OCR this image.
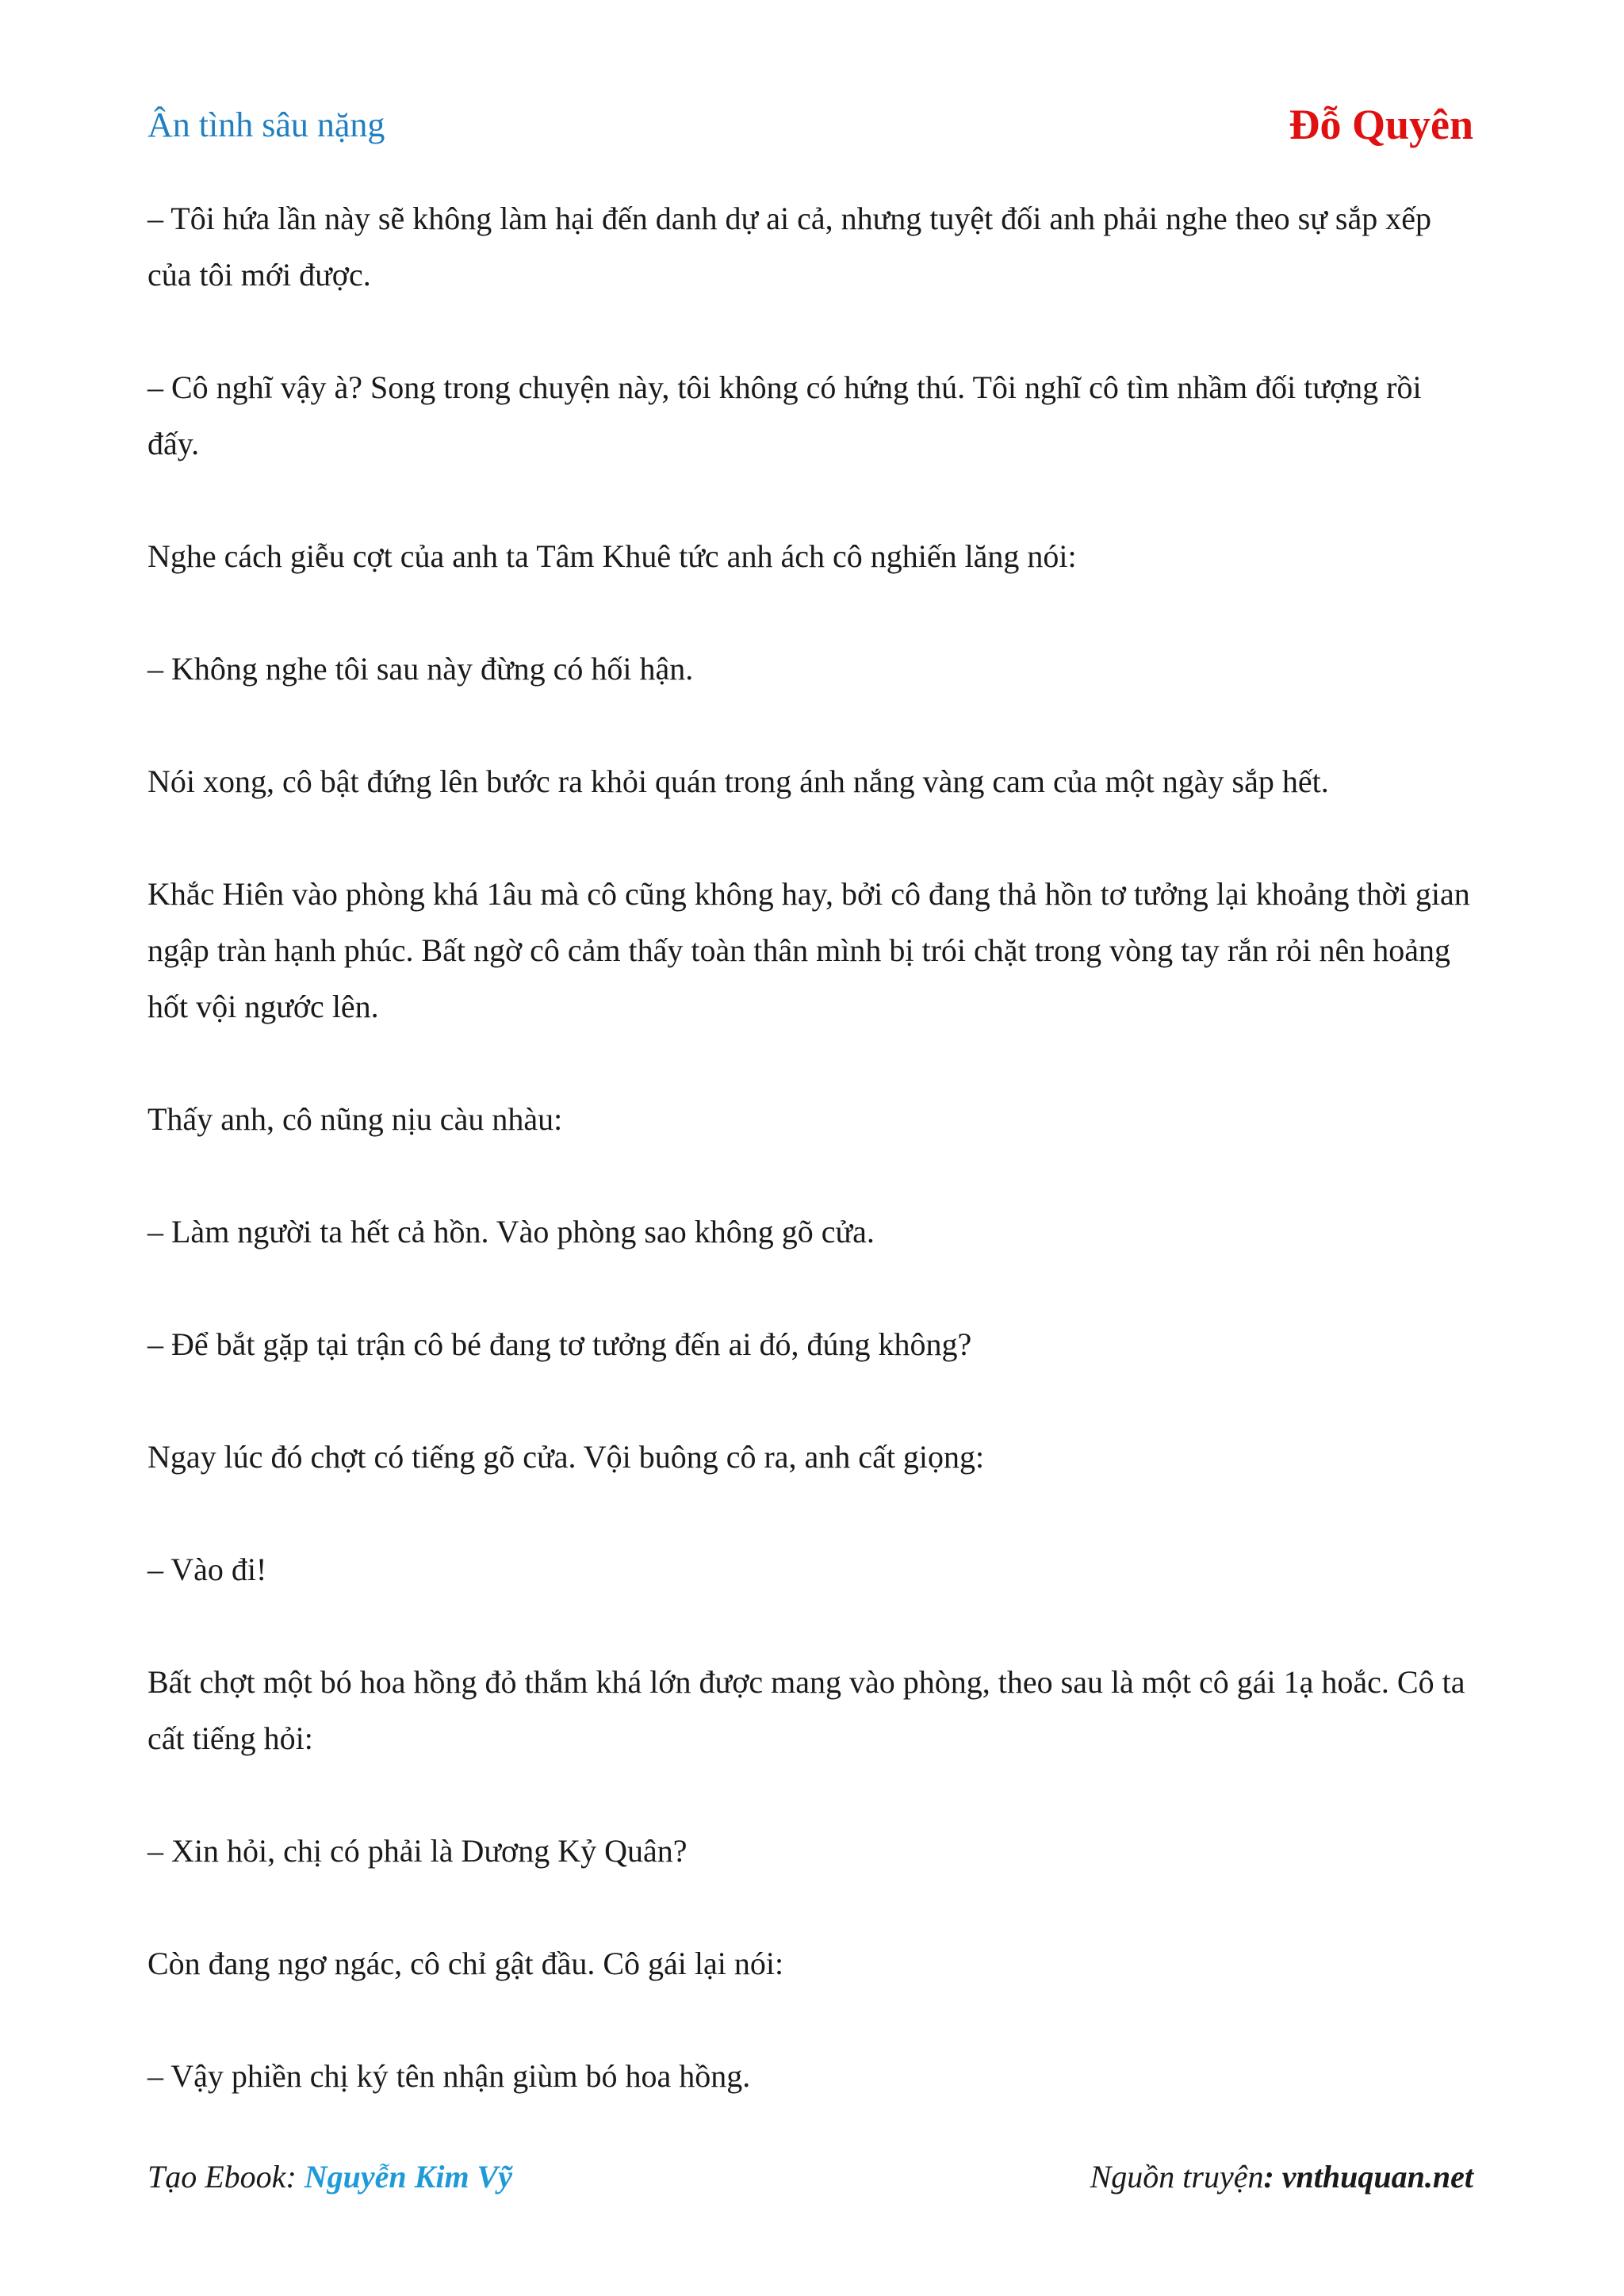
Ân tình sâu nặng	Đỗ Quyên

– Tôi hứa lần này sẽ không làm hại đến danh dự ai cả, nhưng tuyệt đối anh phải nghe theo sự sắp xếp của tôi mới được.

– Cô nghĩ vậy à? Song trong chuyện này, tôi không có hứng thú. Tôi nghĩ cô tìm nhầm đối tượng rồi đấy.

Nghe cách giễu cợt của anh ta Tâm Khuê tức anh ách cô nghiến lăng nói:

– Không nghe tôi sau này đừng có hối hận.

Nói xong, cô bật đứng lên bước ra khỏi quán trong ánh nắng vàng cam của một ngày sắp hết.

Khắc Hiên vào phòng khá 1âu mà cô cũng không hay, bởi cô đang thả hồn tơ tưởng lại khoảng thời gian ngập tràn hạnh phúc. Bất ngờ cô cảm thấy toàn thân mình bị trói chặt trong vòng tay rắn rỏi nên hoảng hốt vội ngước lên.

Thấy anh, cô nũng nịu càu nhàu:

– Làm người ta hết cả hồn. Vào phòng sao không gõ cửa.

– Để bắt gặp tại trận cô bé đang tơ tưởng đến ai đó, đúng không?

Ngay lúc đó chợt có tiếng gõ cửa. Vội buông cô ra, anh cất giọng:

– Vào đi!

Bất chợt một bó hoa hồng đỏ thắm khá lớn được mang vào phòng, theo sau là một cô gái 1ạ hoắc. Cô ta cất tiếng hỏi:

– Xin hỏi, chị có phải là Dương Kỷ Quân?

Còn đang ngơ ngác, cô chỉ gật đầu. Cô gái lại nói:

– Vậy phiền chị ký tên nhận giùm bó hoa hồng.

Tạo Ebook: Nguyễn Kim Vỹ	Nguồn truyện: vnthuquan.net
